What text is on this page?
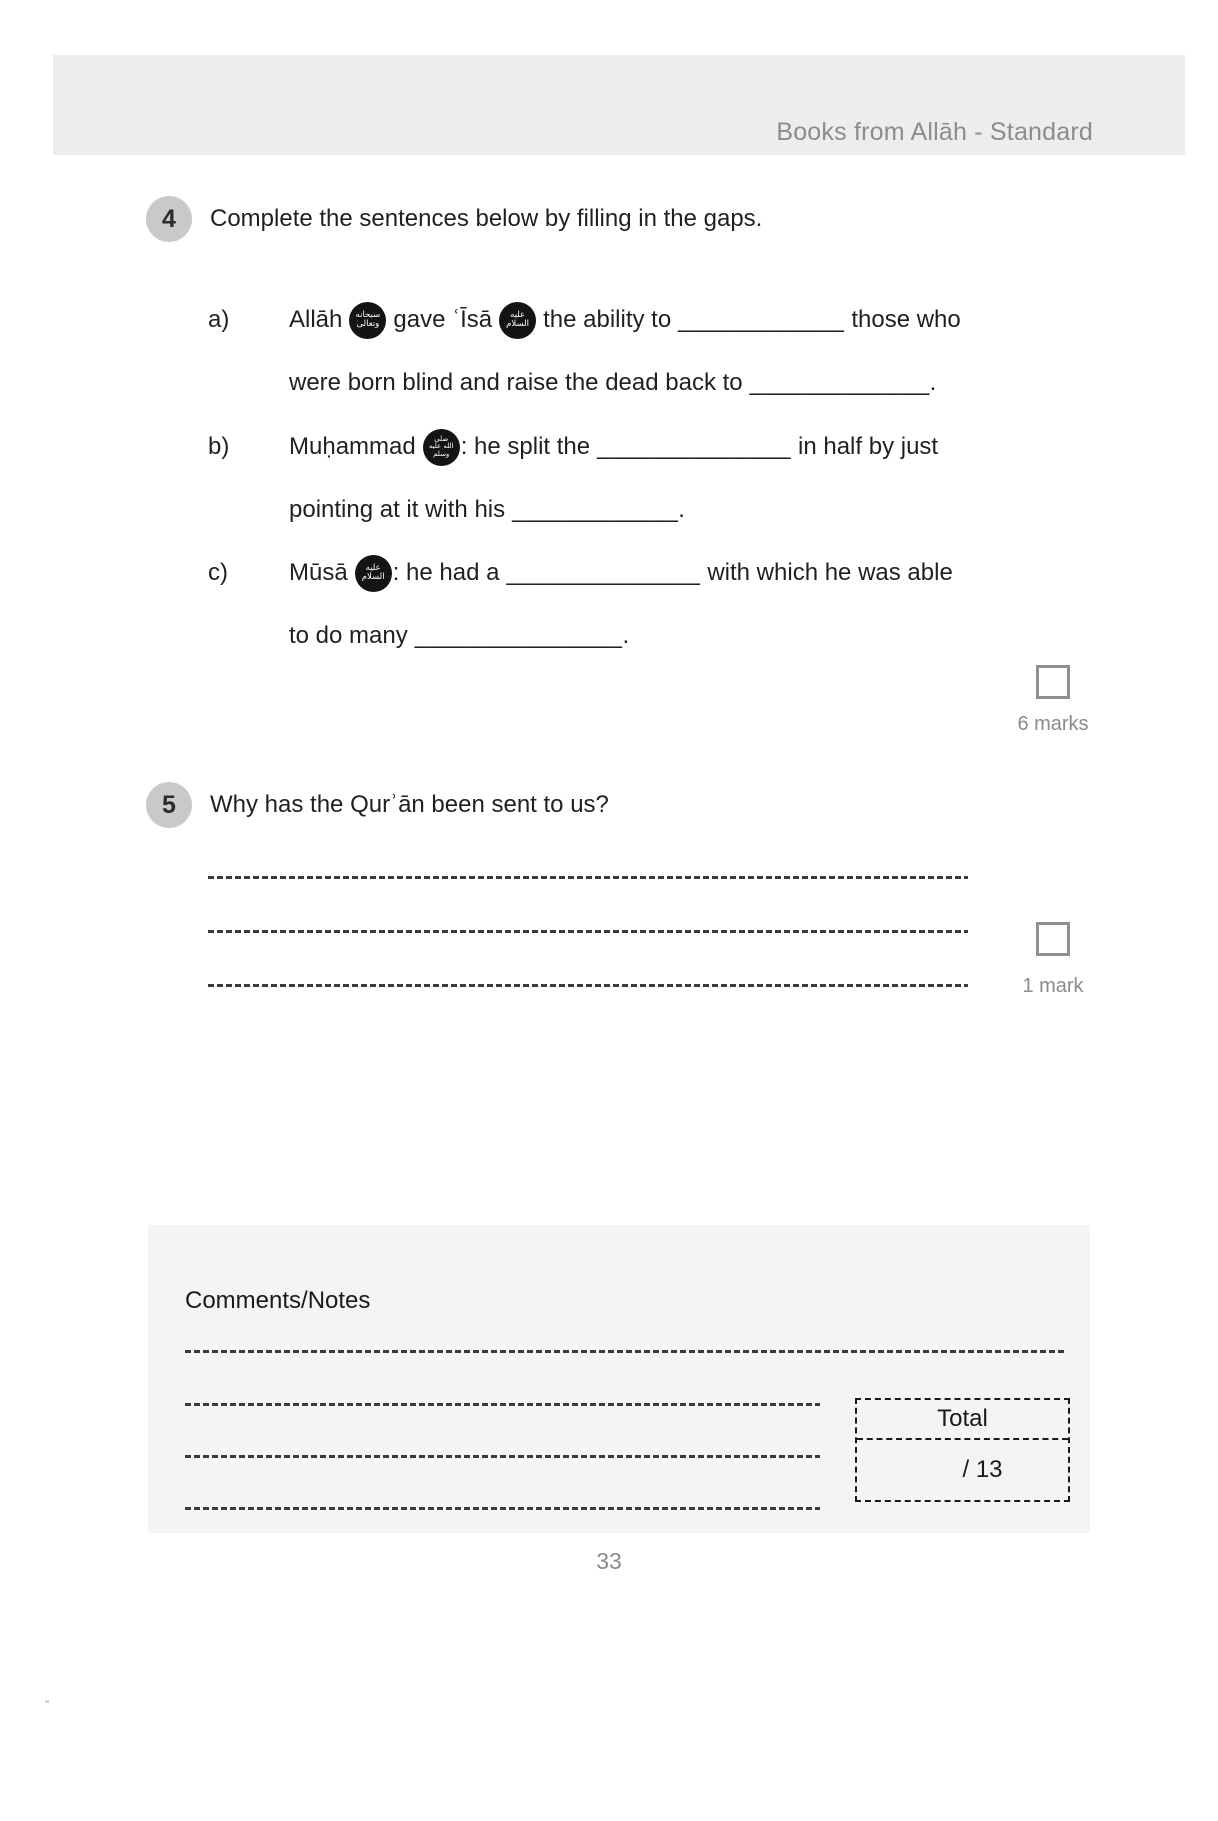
Books from Allāh - Standard
4 Complete the sentences below by filling in the gaps.
a) Allāh سبحانه
وتعالى gave ʿĪsā عليه
السلام the ability to ____________ those who
were born blind and raise the dead back to _____________.
b) Muḥammad	صلى
الله عليه
وسلم : he split the ______________ in half by just
pointing at it with his ____________.
c)	Mūsā عليه
السلام : he had a ______________ with which he was able
to do many _______________.
6 marks
5 Why has the Qurʾān been sent to us?
1 mark
Comments/Notes
Total
/ 13
33
